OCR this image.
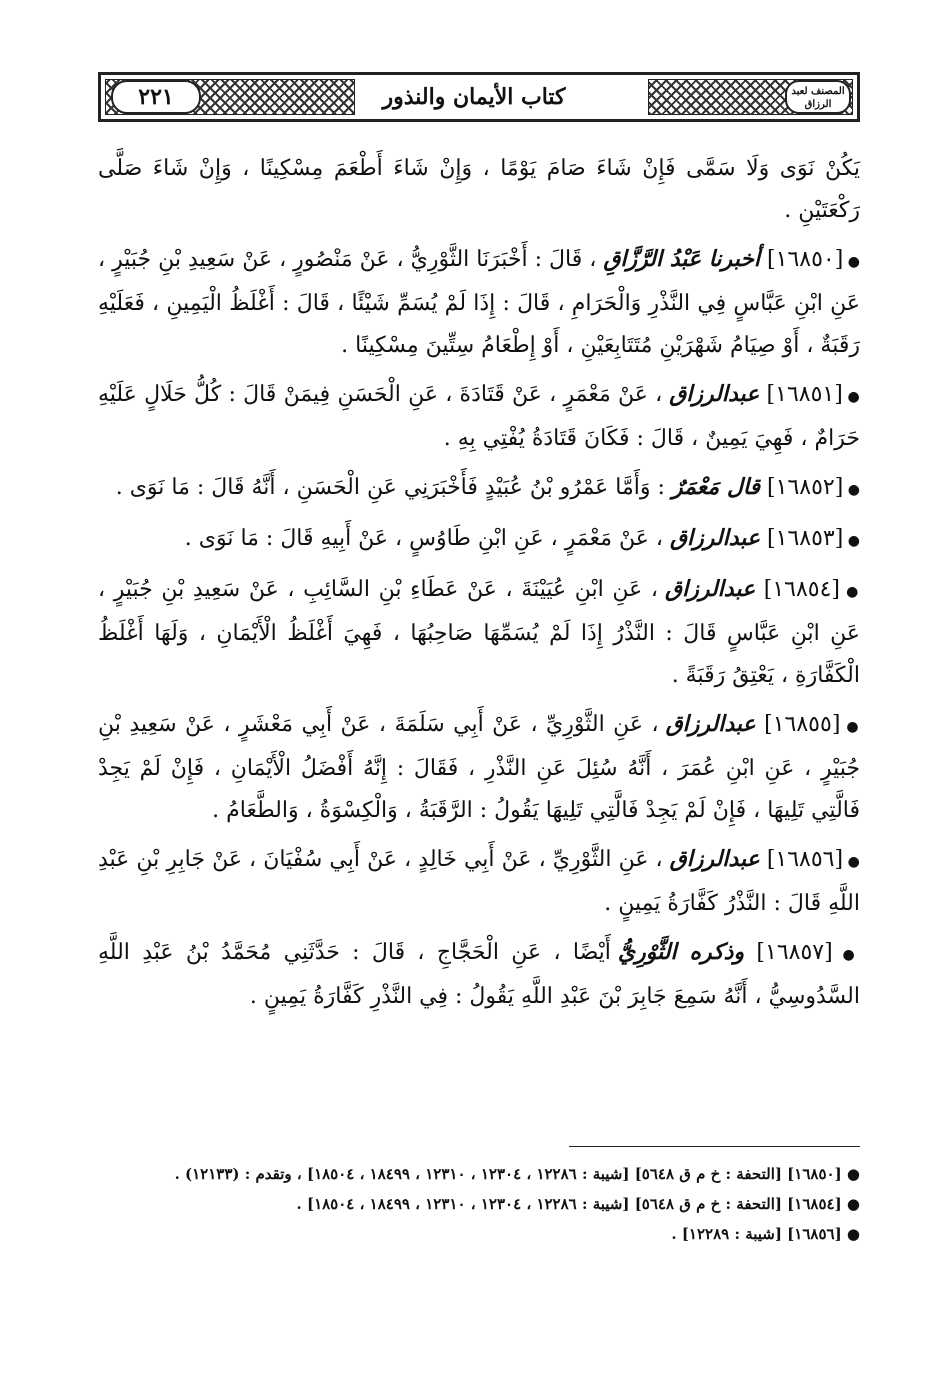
المصنف لعبد الرزاق
كتاب الأيمان والنذور
٢٢١

يَكُنْ نَوَى وَلَا سَمَّى فَإِنْ شَاءَ صَامَ يَوْمًا ، وَإِنْ شَاءَ أَطْعَمَ مِسْكِينًا ، وَإِنْ شَاءَ صَلَّى رَكْعَتَيْنِ .

● [١٦٨٥٠] أخبرنا عَبْدُ الرَّزَّاقِ ، قَالَ : أَخْبَرَنَا الثَّوْرِيُّ ، عَنْ مَنْصُورٍ ، عَنْ سَعِيدِ بْنِ جُبَيْرٍ ، عَنِ ابْنِ عَبَّاسٍ فِي النَّذْرِ وَالْحَرَامِ ، قَالَ : إِذَا لَمْ يُسَمِّ شَيْئًا ، قَالَ : أَغْلَظُ الْيَمِينِ ، فَعَلَيْهِ رَقَبَةٌ ، أَوْ صِيَامُ شَهْرَيْنِ مُتَتَابِعَيْنِ ، أَوْ إِطْعَامُ سِتِّينَ مِسْكِينًا .

● [١٦٨٥١] عبدالرزاق ، عَنْ مَعْمَرٍ ، عَنْ قَتَادَةَ ، عَنِ الْحَسَنِ فِيمَنْ قَالَ : كُلُّ حَلَالٍ عَلَيْهِ حَرَامٌ ، فَهِيَ يَمِينٌ ، قَالَ : فَكَانَ قَتَادَةُ يُفْتِي بِهِ .

● [١٦٨٥٢] قال مَعْمَرٌ : وَأَمَّا عَمْرُو بْنُ عُبَيْدٍ فَأَخْبَرَنِي عَنِ الْحَسَنِ ، أَنَّهُ قَالَ : مَا نَوَى .

● [١٦٨٥٣] عبدالرزاق ، عَنْ مَعْمَرٍ ، عَنِ ابْنِ طَاوُسٍ ، عَنْ أَبِيهِ قَالَ : مَا نَوَى .

● [١٦٨٥٤] عبدالرزاق ، عَنِ ابْنِ عُيَيْنَةَ ، عَنْ عَطَاءِ بْنِ السَّائِبِ ، عَنْ سَعِيدِ بْنِ جُبَيْرٍ ، عَنِ ابْنِ عَبَّاسٍ قَالَ : النَّذْرُ إِذَا لَمْ يُسَمِّهَا صَاحِبُهَا ، فَهِيَ أَغْلَظُ الْأَيْمَانِ ، وَلَهَا أَغْلَظُ الْكَفَّارَةِ ، يَعْتِقُ رَقَبَةً .

● [١٦٨٥٥] عبدالرزاق ، عَنِ الثَّوْرِيِّ ، عَنْ أَبِي سَلَمَةَ ، عَنْ أَبِي مَعْشَرٍ ، عَنْ سَعِيدِ بْنِ جُبَيْرٍ ، عَنِ ابْنِ عُمَرَ ، أَنَّهُ سُئِلَ عَنِ النَّذْرِ ، فَقَالَ : إِنَّهُ أَفْضَلُ الْأَيْمَانِ ، فَإِنْ لَمْ يَجِدْ فَالَّتِي تَلِيهَا ، فَإِنْ لَمْ يَجِدْ فَالَّتِي تَلِيهَا يَقُولُ : الرَّقَبَةُ ، وَالْكِسْوَةُ ، وَالطَّعَامُ .

● [١٦٨٥٦] عبدالرزاق ، عَنِ الثَّوْرِيِّ ، عَنْ أَبِي خَالِدٍ ، عَنْ أَبِي سُفْيَانَ ، عَنْ جَابِرِ بْنِ عَبْدِ اللَّهِ قَالَ : النَّذْرُ كَفَّارَةُ يَمِينٍ .

● [١٦٨٥٧] وذكره الثَّوْرِيُّ أَيْضًا ، عَنِ الْحَجَّاجِ ، قَالَ : حَدَّثَنِي مُحَمَّدُ بْنُ عَبْدِ اللَّهِ السَّدُوسِيُّ ، أَنَّهُ سَمِعَ جَابِرَ بْنَ عَبْدِ اللَّهِ يَقُولُ : فِي النَّذْرِ كَفَّارَةُ يَمِينٍ .

● [١٦٨٥٠] [التحفة : خ م ق ٥٦٤٨] [شيبة : ١٢٢٨٦ ، ١٢٣٠٤ ، ١٢٣١٠ ، ١٨٤٩٩ ، ١٨٥٠٤] ، وتقدم : (١٢١٣٣) .

● [١٦٨٥٤] [التحفة : خ م ق ٥٦٤٨] [شيبة : ١٢٢٨٦ ، ١٢٣٠٤ ، ١٢٣١٠ ، ١٨٤٩٩ ، ١٨٥٠٤] .

● [١٦٨٥٦] [شيبة : ١٢٢٨٩] .
